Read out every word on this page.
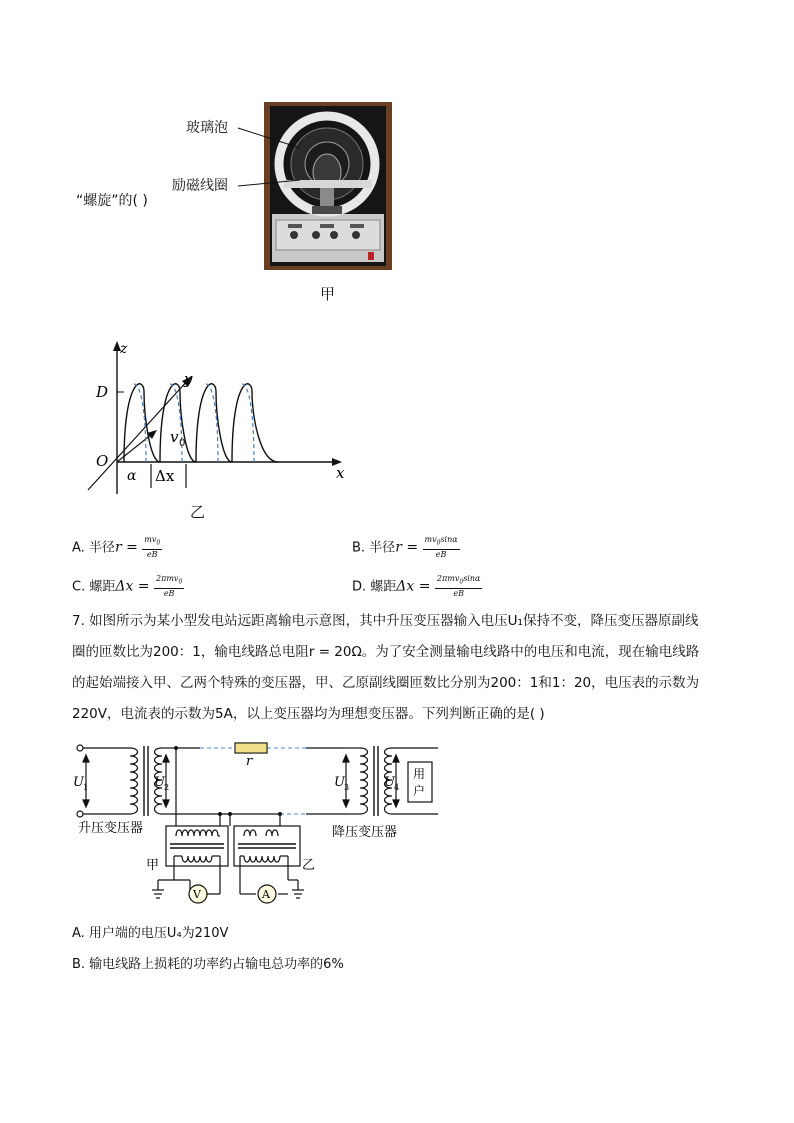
玻璃泡
励磁线圈
“螺旋”的( )
甲
z
y
x
D
O
v 0
α Δx
乙
A. 半径$r = \frac{mv_0}{eB}$	B. 半径$r = \frac{mv_0\sin\alpha}{eB}$
C. 螺距$\Delta x = \frac{2\pi mv_0}{eB}$	D. 螺距$\Delta x = \frac{2\pi mv_0\sin\alpha}{eB}$
7. 如图所示为某小型发电站远距离输电示意图，其中升压变压器输入电压U₁保持不变，降压变压器原副线
圈的匝数比为200：1，输电线路总电阻r = 20Ω。为了安全测量输电线路中的电压和电流，现在输电线路
的起始端接入甲、乙两个特殊的变压器，甲、乙原副线圈匝数比分别为200：1和1：20，电压表的示数为
220V，电流表的示数为5A，以上变压器均为理想变压器。下列判断正确的是( )
r
U 1	U 2	U 3	U 4
用
户
升压变压器	降压变压器
甲	乙
V	A
A. 用户端的电压U₄为210V
B. 输电线路上损耗的功率约占输电总功率的6%
